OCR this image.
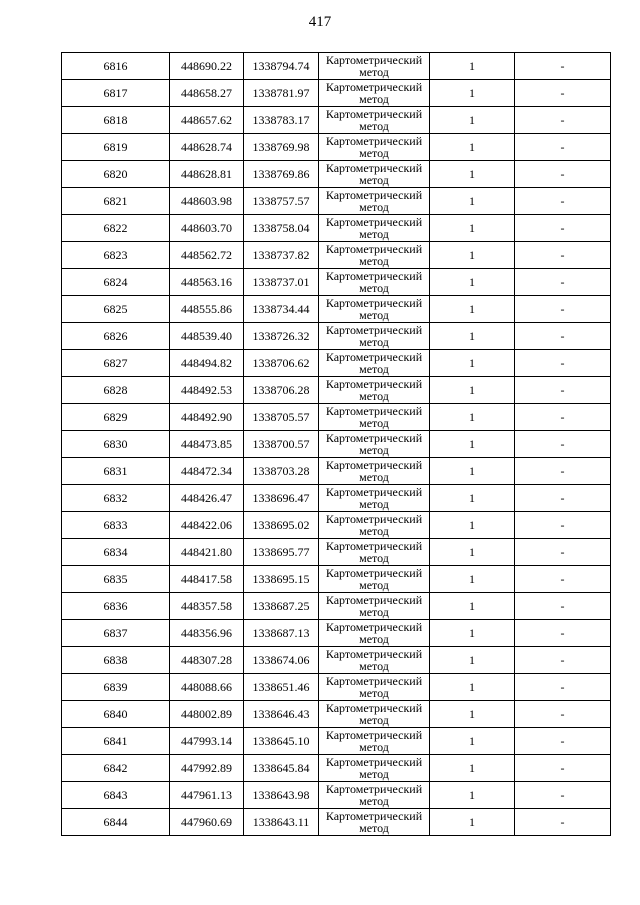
417
6816	448690.22	1338794.74	Картометрический метод	1	-
6817	448658.27	1338781.97	Картометрический метод	1	-
6818	448657.62	1338783.17	Картометрический метод	1	-
6819	448628.74	1338769.98	Картометрический метод	1	-
6820	448628.81	1338769.86	Картометрический метод	1	-
6821	448603.98	1338757.57	Картометрический метод	1	-
6822	448603.70	1338758.04	Картометрический метод	1	-
6823	448562.72	1338737.82	Картометрический метод	1	-
6824	448563.16	1338737.01	Картометрический метод	1	-
6825	448555.86	1338734.44	Картометрический метод	1	-
6826	448539.40	1338726.32	Картометрический метод	1	-
6827	448494.82	1338706.62	Картометрический метод	1	-
6828	448492.53	1338706.28	Картометрический метод	1	-
6829	448492.90	1338705.57	Картометрический метод	1	-
6830	448473.85	1338700.57	Картометрический метод	1	-
6831	448472.34	1338703.28	Картометрический метод	1	-
6832	448426.47	1338696.47	Картометрический метод	1	-
6833	448422.06	1338695.02	Картометрический метод	1	-
6834	448421.80	1338695.77	Картометрический метод	1	-
6835	448417.58	1338695.15	Картометрический метод	1	-
6836	448357.58	1338687.25	Картометрический метод	1	-
6837	448356.96	1338687.13	Картометрический метод	1	-
6838	448307.28	1338674.06	Картометрический метод	1	-
6839	448088.66	1338651.46	Картометрический метод	1	-
6840	448002.89	1338646.43	Картометрический метод	1	-
6841	447993.14	1338645.10	Картометрический метод	1	-
6842	447992.89	1338645.84	Картометрический метод	1	-
6843	447961.13	1338643.98	Картометрический метод	1	-
6844	447960.69	1338643.11	Картометрический метод	1	-
